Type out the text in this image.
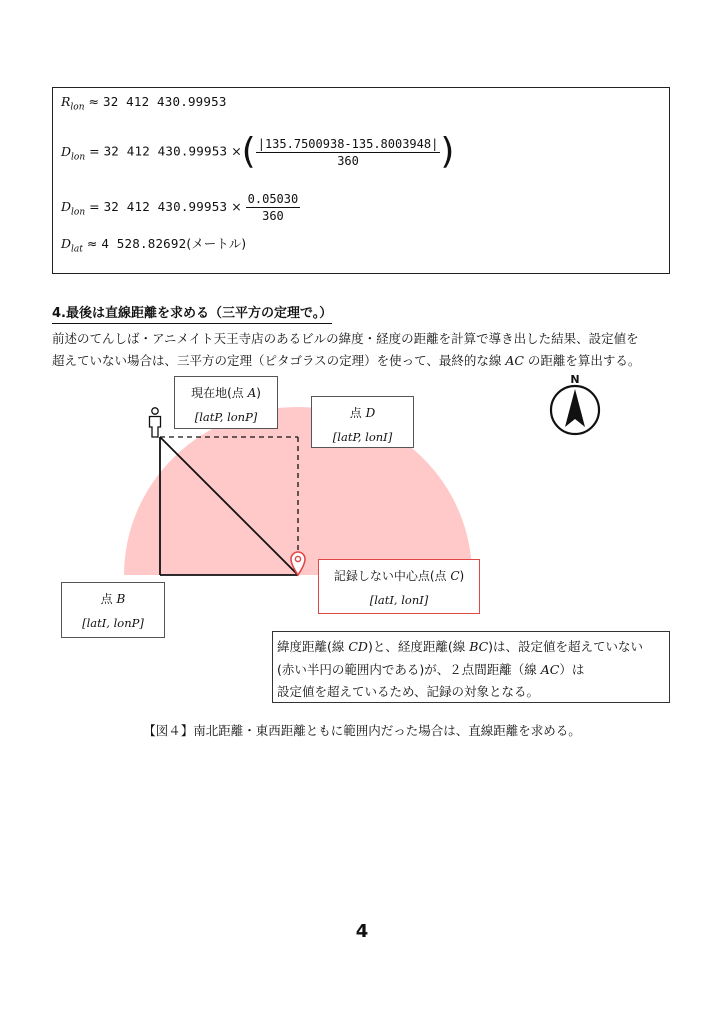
$R_{lon} \approx 32$ 412 430.99953
$D_{lon} = 32$ 412 430.99953 ×( $\frac{|135.7500938-135.8003948|}{360}$ )
$D_{lon} = 32$ 412 $430.99953 \times \frac{0.05030}{360}$
$D_{lat} \approx 4$ 528.82692(メートル)
4.最後は直線距離を求める（三平方の定理で。）
前述のてんしば・アニメイト天王寺店のあるビルの緯度・経度の距離を計算で導き出した結果、設定値を
超えていない場合は、三平方の定理（ピタゴラスの定理）を使って、最終的な線 AC の距離を算出する。
N
現在地(点 A)
[latP, lonP]	点 D
[latP, lonI]
点 B
[latI, lonP]
記録しない中心点(点 C)
[latI, lonI]
緯度距離(線 CD)と、経度距離(線 BC)は、設定値を超えていない
(赤い半円の範囲内である)が、２点間距離（線 AC）は
設定値を超えているため、記録の対象となる。
【図４】南北距離・東西距離ともに範囲内だった場合は、直線距離を求める。
4
